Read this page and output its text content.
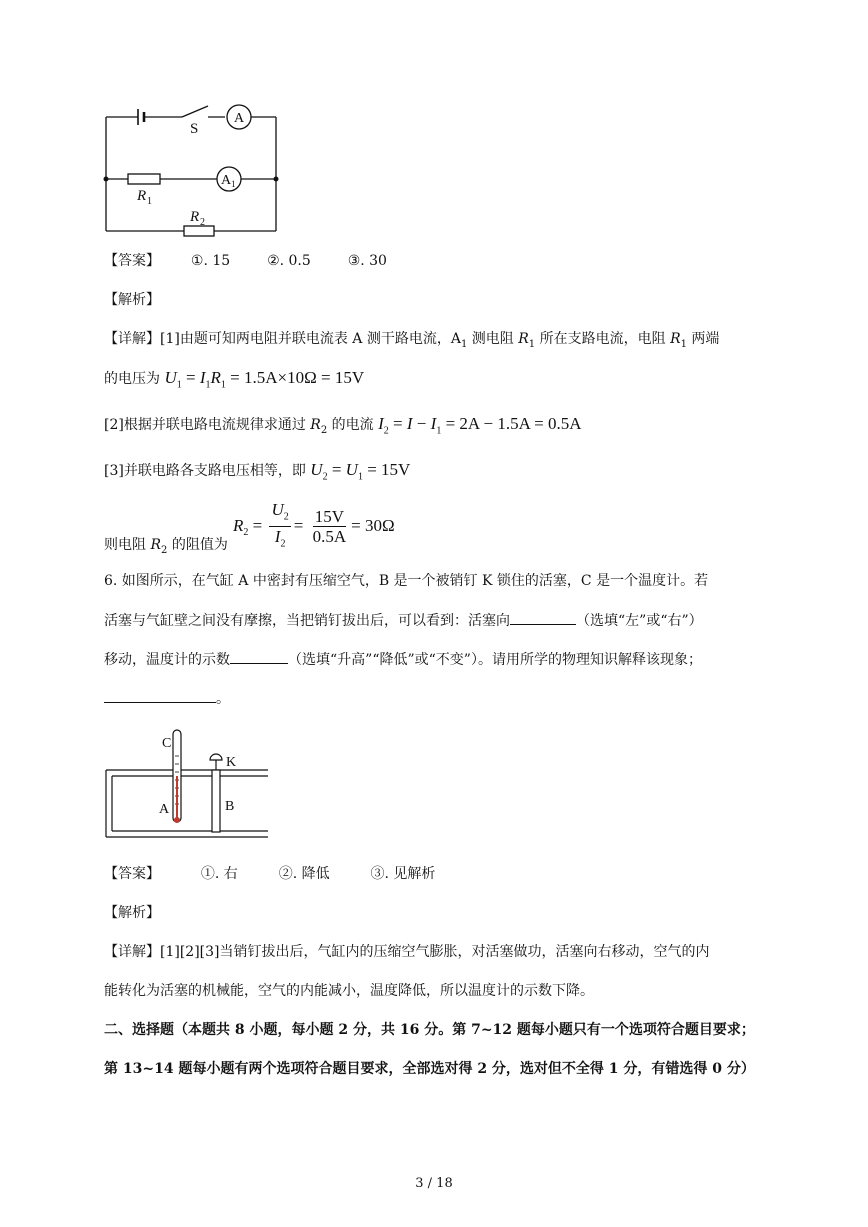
S
A
A 1
R 1
R 2
【答案】 ①. 15	②. 0.5	③. 30
【解析】
【详解】[1]由题可知两电阻并联电流表 A 测干路电流，$A_1$ 测电阻 $R_1$ 所在支路电流，电阻 $R_1$ 两端
的电压为 $U_1 = I_1R_1 = 1.5A\times 10\Omega = 15V$
[2]根据并联电路电流规律求通过 $R_2$ 的电流 $I_2 = I - I_1 = 2A - 1.5A = 0.5A$
[3]并联电路各支路电压相等，即 $U_2 = U_1 = 15V$
$R_2 = \frac{U_2}{I_2} = \frac{15V}{0.5A} = 30\Omega$
则电阻 $R_2$ 的阻值为
6. 如图所示，在气缸 A 中密封有压缩空气，B 是一个被销钉 K 锁住的活塞，C 是一个温度计。若
活塞与气缸壁之间没有摩擦，当把销钉拔出后，可以看到：活塞向	（选填“左”或“右”）
移动，温度计的示数	（选填“升高”“降低”或“不变”）。请用所学的物理知识解释该现象；
。
C
K
A	B
【答案】	①. 右	②. 降低	③. 见解析
【解析】
【详解】[1][2][3]当销钉拔出后，气缸内的压缩空气膨胀，对活塞做功，活塞向右移动，空气的内
能转化为活塞的机械能，空气的内能减小，温度降低，所以温度计的示数下降。
二、选择题（本题共 8 小题，每小题 2 分，共 16 分。第 7~12 题每小题只有一个选项符合题目要求；
第 13~14 题每小题有两个选项符合题目要求，全部选对得 2 分，选对但不全得 1 分，有错选得 0 分）
3 / 18
